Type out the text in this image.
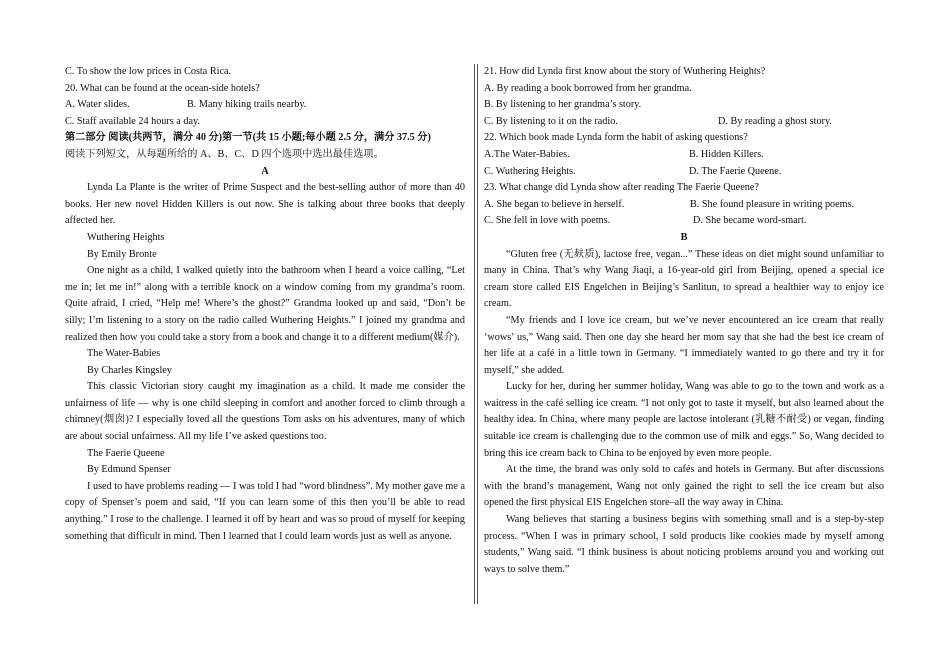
C. To show the low prices in Costa Rica.

20. What can be found at the ocean-side hotels?

A. Water slides.	B. Many hiking trails nearby.

C. Staff available 24 hours a day.

第二部分 阅读(共两节，满分 40 分)第一节(共 15 小题;每小题 2.5 分，满分 37.5 分)

阅读下列短文，从每题所给的 A、B、C、D 四个选项中选出最佳选项。

A

Lynda La Plante is the writer of Prime Suspect and the best-selling author of more than 40 books. Her new novel Hidden Killers is out now. She is talking about three books that deeply affected her.

Wuthering Heights

By Emily Bronte

One night as a child, I walked quietly into the bathroom when I heard a voice calling, “Let me in; let me in!” along with a terrible knock on a window coming from my grandma’s room. Quite afraid, I cried, “Help me! Where’s the ghost?” Grandma looked up and said, “Don’t be silly; I’m listening to a story on the radio called Wuthering Heights.” I joined my grandma and realized then how you could take a story from a book and change it to a different medium(媒介).

The Water-Babies

By Charles Kingsley

This classic Victorian story caught my imagination as a child. It made me consider the unfairness of life — why is one child sleeping in comfort and another forced to climb through a chimney(烟囱)? I especially loved all the questions Tom asks on his adventures, many of which are about social unfairness. All my life I’ve asked questions too.

The Faerie Queene

By Edmund Spenser

I used to have problems reading — I was told I had “word blindness”. My mother gave me a copy of Spenser’s poem and said, “If you can learn some of this then you’ll be able to read anything.” I rose to the challenge. I learned it off by heart and was so proud of myself for keeping something that difficult in mind. Then I learned that I could learn words just as well as anyone.

21. How did Lynda first know about the story of Wuthering Heights?

A. By reading a book borrowed from her grandma.

B. By listening to her grandma’s story.

C. By listening to it on the radio.	D. By reading a ghost story.

22. Which book made Lynda form the habit of asking questions?

A.The Water-Babies.	B. Hidden Killers.
C. Wuthering Heights.	D. The Faerie Queene.

23. What change did Lynda show after reading The Faerie Queene?

A. She began to believe in herself.	B. She found pleasure in writing poems.
C. She fell in love with poems.	D. She became word-smart.

B

“Gluten free (无麸质), lactose free, vegan...” These ideas on diet might sound unfamiliar to many in China. That’s why Wang Jiaqi, a 16-year-old girl from Beijing, opened a special ice cream store called EIS Engelchen in Beijing’s Sanlitun, to spread a healthier way to enjoy ice cream.

“My friends and I love ice cream, but we’ve never encountered an ice cream that really ‘wows’ us,” Wang said. Then one day she heard her mom say that she had the best ice cream of her life at a café in a little town in Germany. “I immediately wanted to go there and try it for myself,” she added.

Lucky for her, during her summer holiday, Wang was able to go to the town and work as a waitress in the café selling ice cream. “I not only got to taste it myself, but also learned about the healthy idea. In China, where many people are lactose intolerant (乳糖不耐受) or vegan, finding suitable ice cream is challenging due to the common use of milk and eggs.” So, Wang decided to bring this ice cream back to China to be enjoyed by even more people.

At the time, the brand was only sold to cafés and hotels in Germany. But after discussions with the brand’s management, Wang not only gained the right to sell the ice cream but also opened the first physical EIS Engelchen store–all the way away in China.

Wang believes that starting a business begins with something small and is a step-by-step process. “When I was in primary school, I sold products like cookies made by myself among students,” Wang said. “I think business is about noticing problems around you and working out ways to solve them.”
